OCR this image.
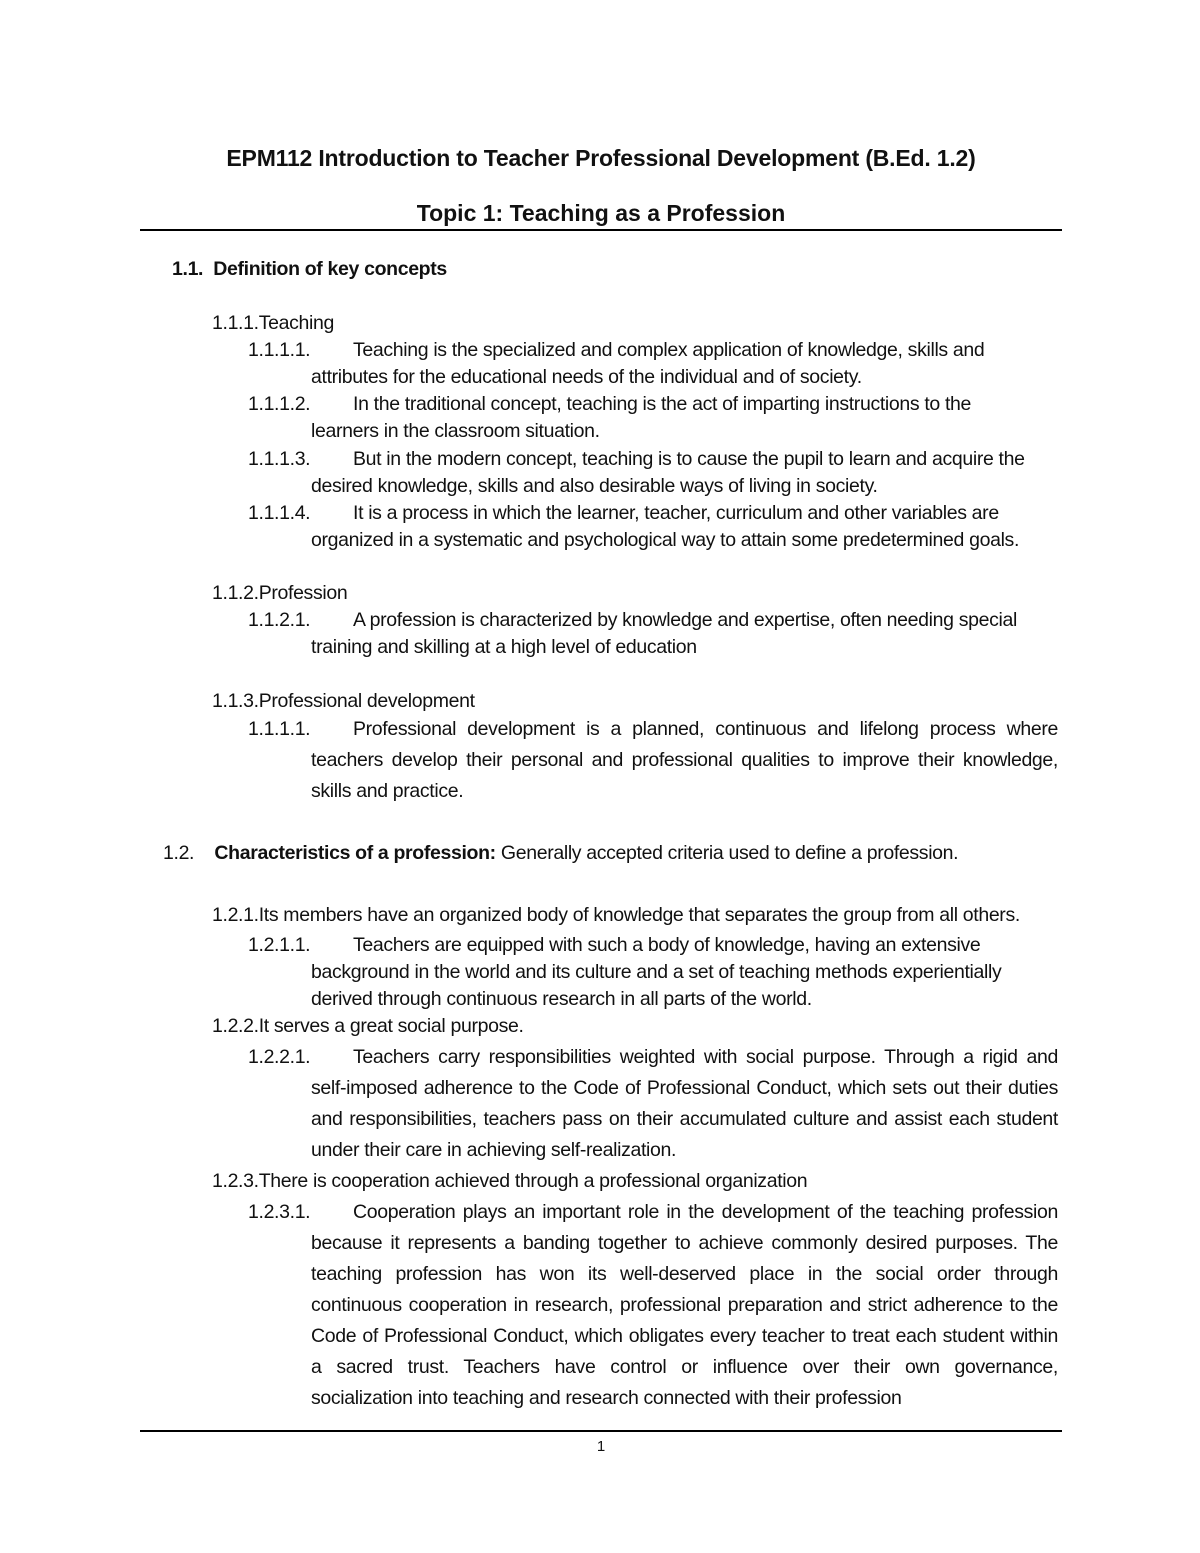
EPM112 Introduction to Teacher Professional Development (B.Ed. 1.2)
Topic 1: Teaching as a Profession
1.1. Definition of key concepts
1.1.1.Teaching
1.1.1.1. Teaching is the specialized and complex application of knowledge, skills and
attributes for the educational needs of the individual and of society.
1.1.1.2. In the traditional concept, teaching is the act of imparting instructions to the
learners in the classroom situation.
1.1.1.3. But in the modern concept, teaching is to cause the pupil to learn and acquire the
desired knowledge, skills and also desirable ways of living in society.
1.1.1.4. It is a process in which the learner, teacher, curriculum and other variables are
organized in a systematic and psychological way to attain some predetermined goals.
1.1.2.Profession
1.1.2.1. A profession is characterized by knowledge and expertise, often needing special
training and skilling at a high level of education
1.1.3.Professional development
1.1.1.1. Professional development is a planned, continuous and lifelong process where
teachers develop their personal and professional qualities to improve their knowledge,
skills and practice.
1.2. Characteristics of a profession: Generally accepted criteria used to define a profession.
1.2.1.Its members have an organized body of knowledge that separates the group from all others.
1.2.1.1. Teachers are equipped with such a body of knowledge, having an extensive
background in the world and its culture and a set of teaching methods experientially
derived through continuous research in all parts of the world.
1.2.2.It serves a great social purpose.
1.2.2.1. Teachers carry responsibilities weighted with social purpose. Through a rigid and
self-imposed adherence to the Code of Professional Conduct, which sets out their duties
and responsibilities, teachers pass on their accumulated culture and assist each student
under their care in achieving self-realization.
1.2.3.There is cooperation achieved through a professional organization
1.2.3.1. Cooperation plays an important role in the development of the teaching profession
because it represents a banding together to achieve commonly desired purposes. The
teaching profession has won its well-deserved place in the social order through
continuous cooperation in research, professional preparation and strict adherence to the
Code of Professional Conduct, which obligates every teacher to treat each student within
a sacred trust. Teachers have control or influence over their own governance,
socialization into teaching and research connected with their profession
1
